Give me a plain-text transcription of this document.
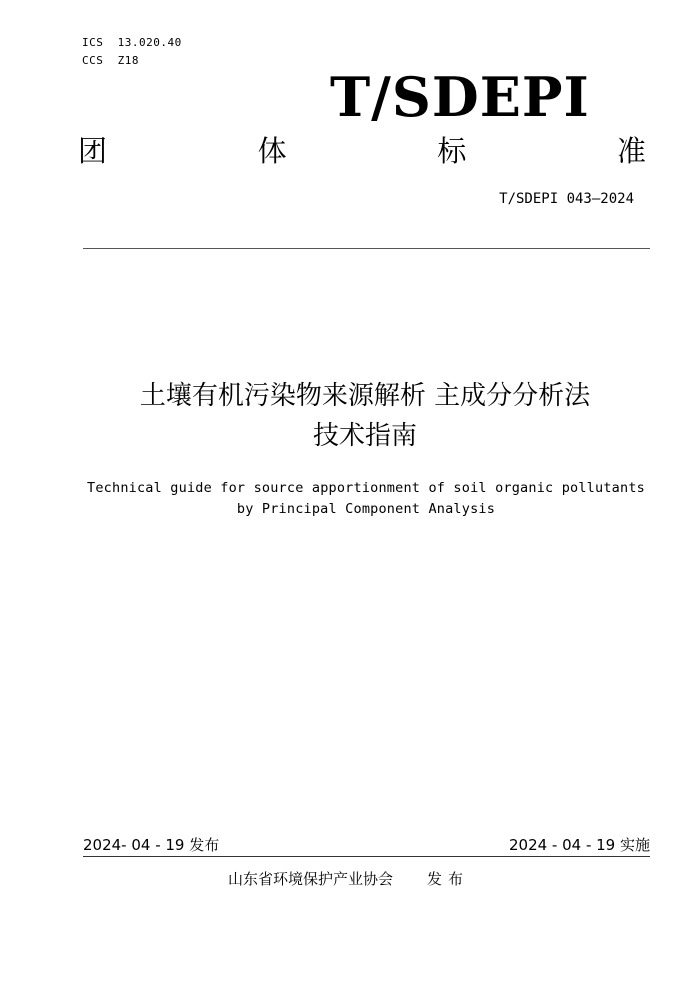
ICS  13.020.40
CCS  Z18
T/SDEPI
团	体	标	准
T/SDEPI 043—2024
土壤有机污染物来源解析 主成分分析法
技术指南
Technical guide for source apportionment of soil organic pollutants
by Principal Component Analysis
2024- 04 - 19 发布	2024 - 04 - 19 实施
山东省环境保护产业协会 发布
